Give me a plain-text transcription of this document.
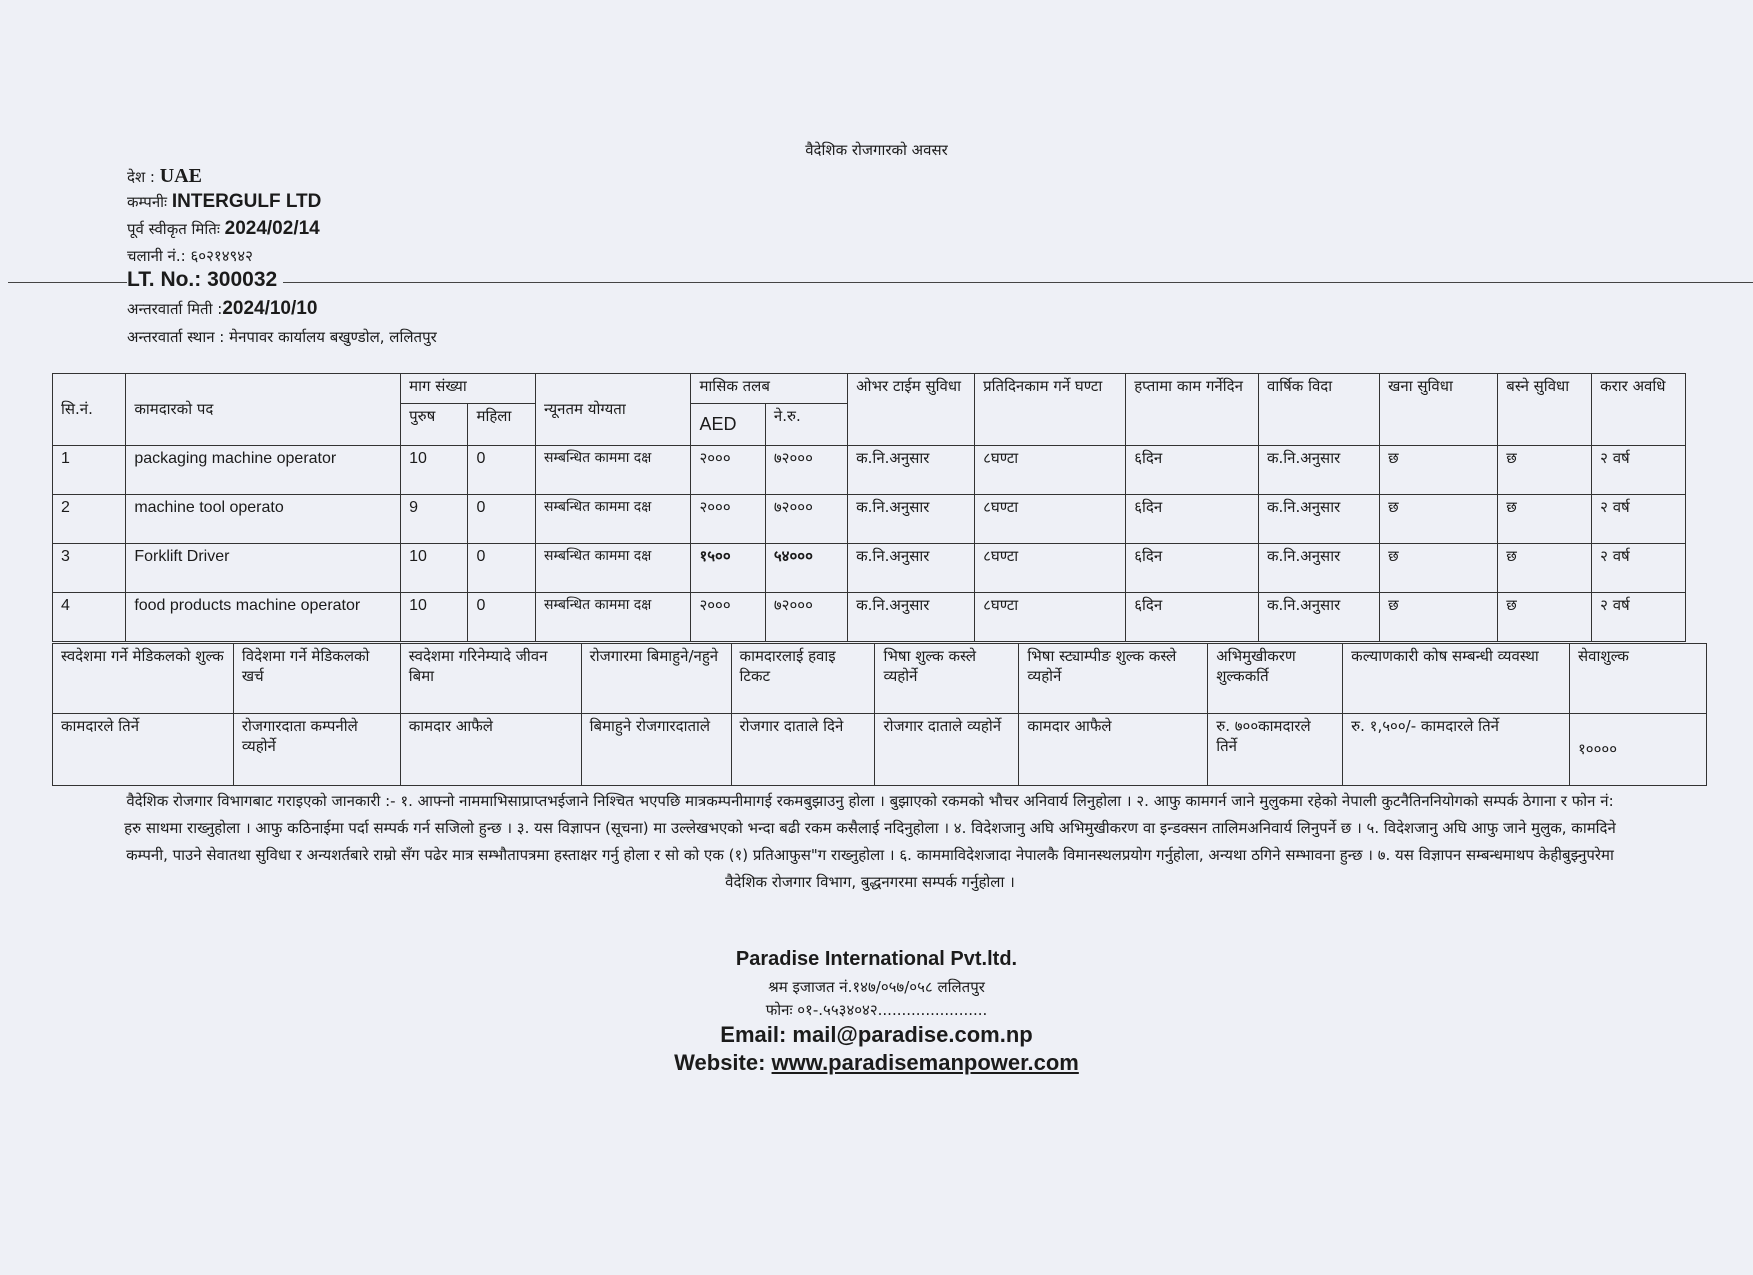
वैदेशिक रोजगारको अवसर
देश : UAE
कम्पनीः INTERGULF LTD
पूर्व स्वीकृत मितिः 2024/02/14
चलानी नं.: ६०२१४९४२
LT. No.: 300032
अन्तरवार्ता मिती :2024/10/10
अन्तरवार्ता स्थान : मेनपावर कार्यालय बखुण्डोल, ललितपुर
सि.नं.	कामदारको पद	माग संख्या		न्यूनतम योग्यता	मासिक तलब		ओभर टाईम सुविधा	प्रतिदिनकाम गर्ने घण्टा	हप्तामा काम गर्नेदिन	वार्षिक विदा	खना सुविधा	बस्ने सुविधा	करार अवधि
		पुरुष	महिला		AED	ने.रु.							
1	packaging machine operator	10	0	सम्बन्धित काममा दक्ष	२०००	७२०००	क.नि.अनुसार	८घण्टा	६दिन	क.नि.अनुसार	छ	छ	२ वर्ष
2	machine tool operato	9	0	सम्बन्धित काममा दक्ष	२०००	७२०००	क.नि.अनुसार	८घण्टा	६दिन	क.नि.अनुसार	छ	छ	२ वर्ष
3	Forklift Driver	10	0	सम्बन्धित काममा दक्ष	१५००	५४०००	क.नि.अनुसार	८घण्टा	६दिन	क.नि.अनुसार	छ	छ	२ वर्ष
4	food products machine operator	10	0	सम्बन्धित काममा दक्ष	२०००	७२०००	क.नि.अनुसार	८घण्टा	६दिन	क.नि.अनुसार	छ	छ	२ वर्ष
स्वदेशमा गर्ने मेडिकलको शुल्क	विदेशमा गर्ने मेडिकलको खर्च	स्वदेशमा गरिनेम्यादे जीवन बिमा	रोजगारमा बिमाहुने/नहुने	कामदारलाई हवाइ टिकट	भिषा शुल्क कस्ले व्यहोर्ने	भिषा स्ट्याम्पीङ शुल्क कस्ले व्यहोर्ने	अभिमुखीकरण शुल्ककर्ति	कल्याणकारी कोष सम्बन्धी व्यवस्था	सेवाशुल्क
कामदारले तिर्ने	रोजगारदाता कम्पनीले व्यहोर्ने	कामदार आफैले	बिमाहुने रोजगारदाताले	रोजगार दाताले दिने	रोजगार दाताले व्यहोर्ने	कामदार आफैले	रु. ७००कामदारले तिर्ने	रु. १,५००/- कामदारले तिर्ने	१००००
वैदेशिक रोजगार विभागबाट गराइएको जानकारी :- १. आफ्नो नाममाभिसाप्राप्तभईजाने निश्चित भएपछि मात्रकम्पनीमागई रकमबुझाउनु होला । बुझाएको रकमको भौचर अनिवार्य लिनुहोला । २. आफु कामगर्न जाने मुलुकमा रहेको नेपाली कुटनैतिननियोगको सम्पर्क ठेगाना र फोन नं: हरु साथमा राख्नुहोला । आफु कठिनाईमा पर्दा सम्पर्क गर्न सजिलो हुन्छ । ३. यस विज्ञापन (सूचना) मा उल्लेखभएको भन्दा बढी रकम कसैलाई नदिनुहोला । ४. विदेशजानु अघि अभिमुखीकरण वा इन्डक्सन तालिमअनिवार्य लिनुपर्ने छ । ५. विदेशजानु अघि आफु जाने मुलुक, कामदिने कम्पनी, पाउने सेवातथा सुविधा र अन्यशर्तबारे राम्रो सँग पढेर मात्र सम्भौतापत्रमा हस्ताक्षर गर्नु होला र सो को एक (१) प्रतिआफुस"ग राख्नुहोला । ६. काममाविदेशजादा नेपालकै विमानस्थलप्रयोग गर्नुहोला, अन्यथा ठगिने सम्भावना हुन्छ । ७. यस विज्ञापन सम्बन्धमाथप केहीबुझ्नुपरेमा वैदेशिक रोजगार विभाग, बुद्धनगरमा सम्पर्क गर्नुहोला ।
Paradise International Pvt.ltd.
श्रम इजाजत नं.१४७/०५७/०५८ ललितपुर
फोनः ०१-.५५३४०४२.......................
Email: mail@paradise.com.np
Website: www.paradisemanpower.com
